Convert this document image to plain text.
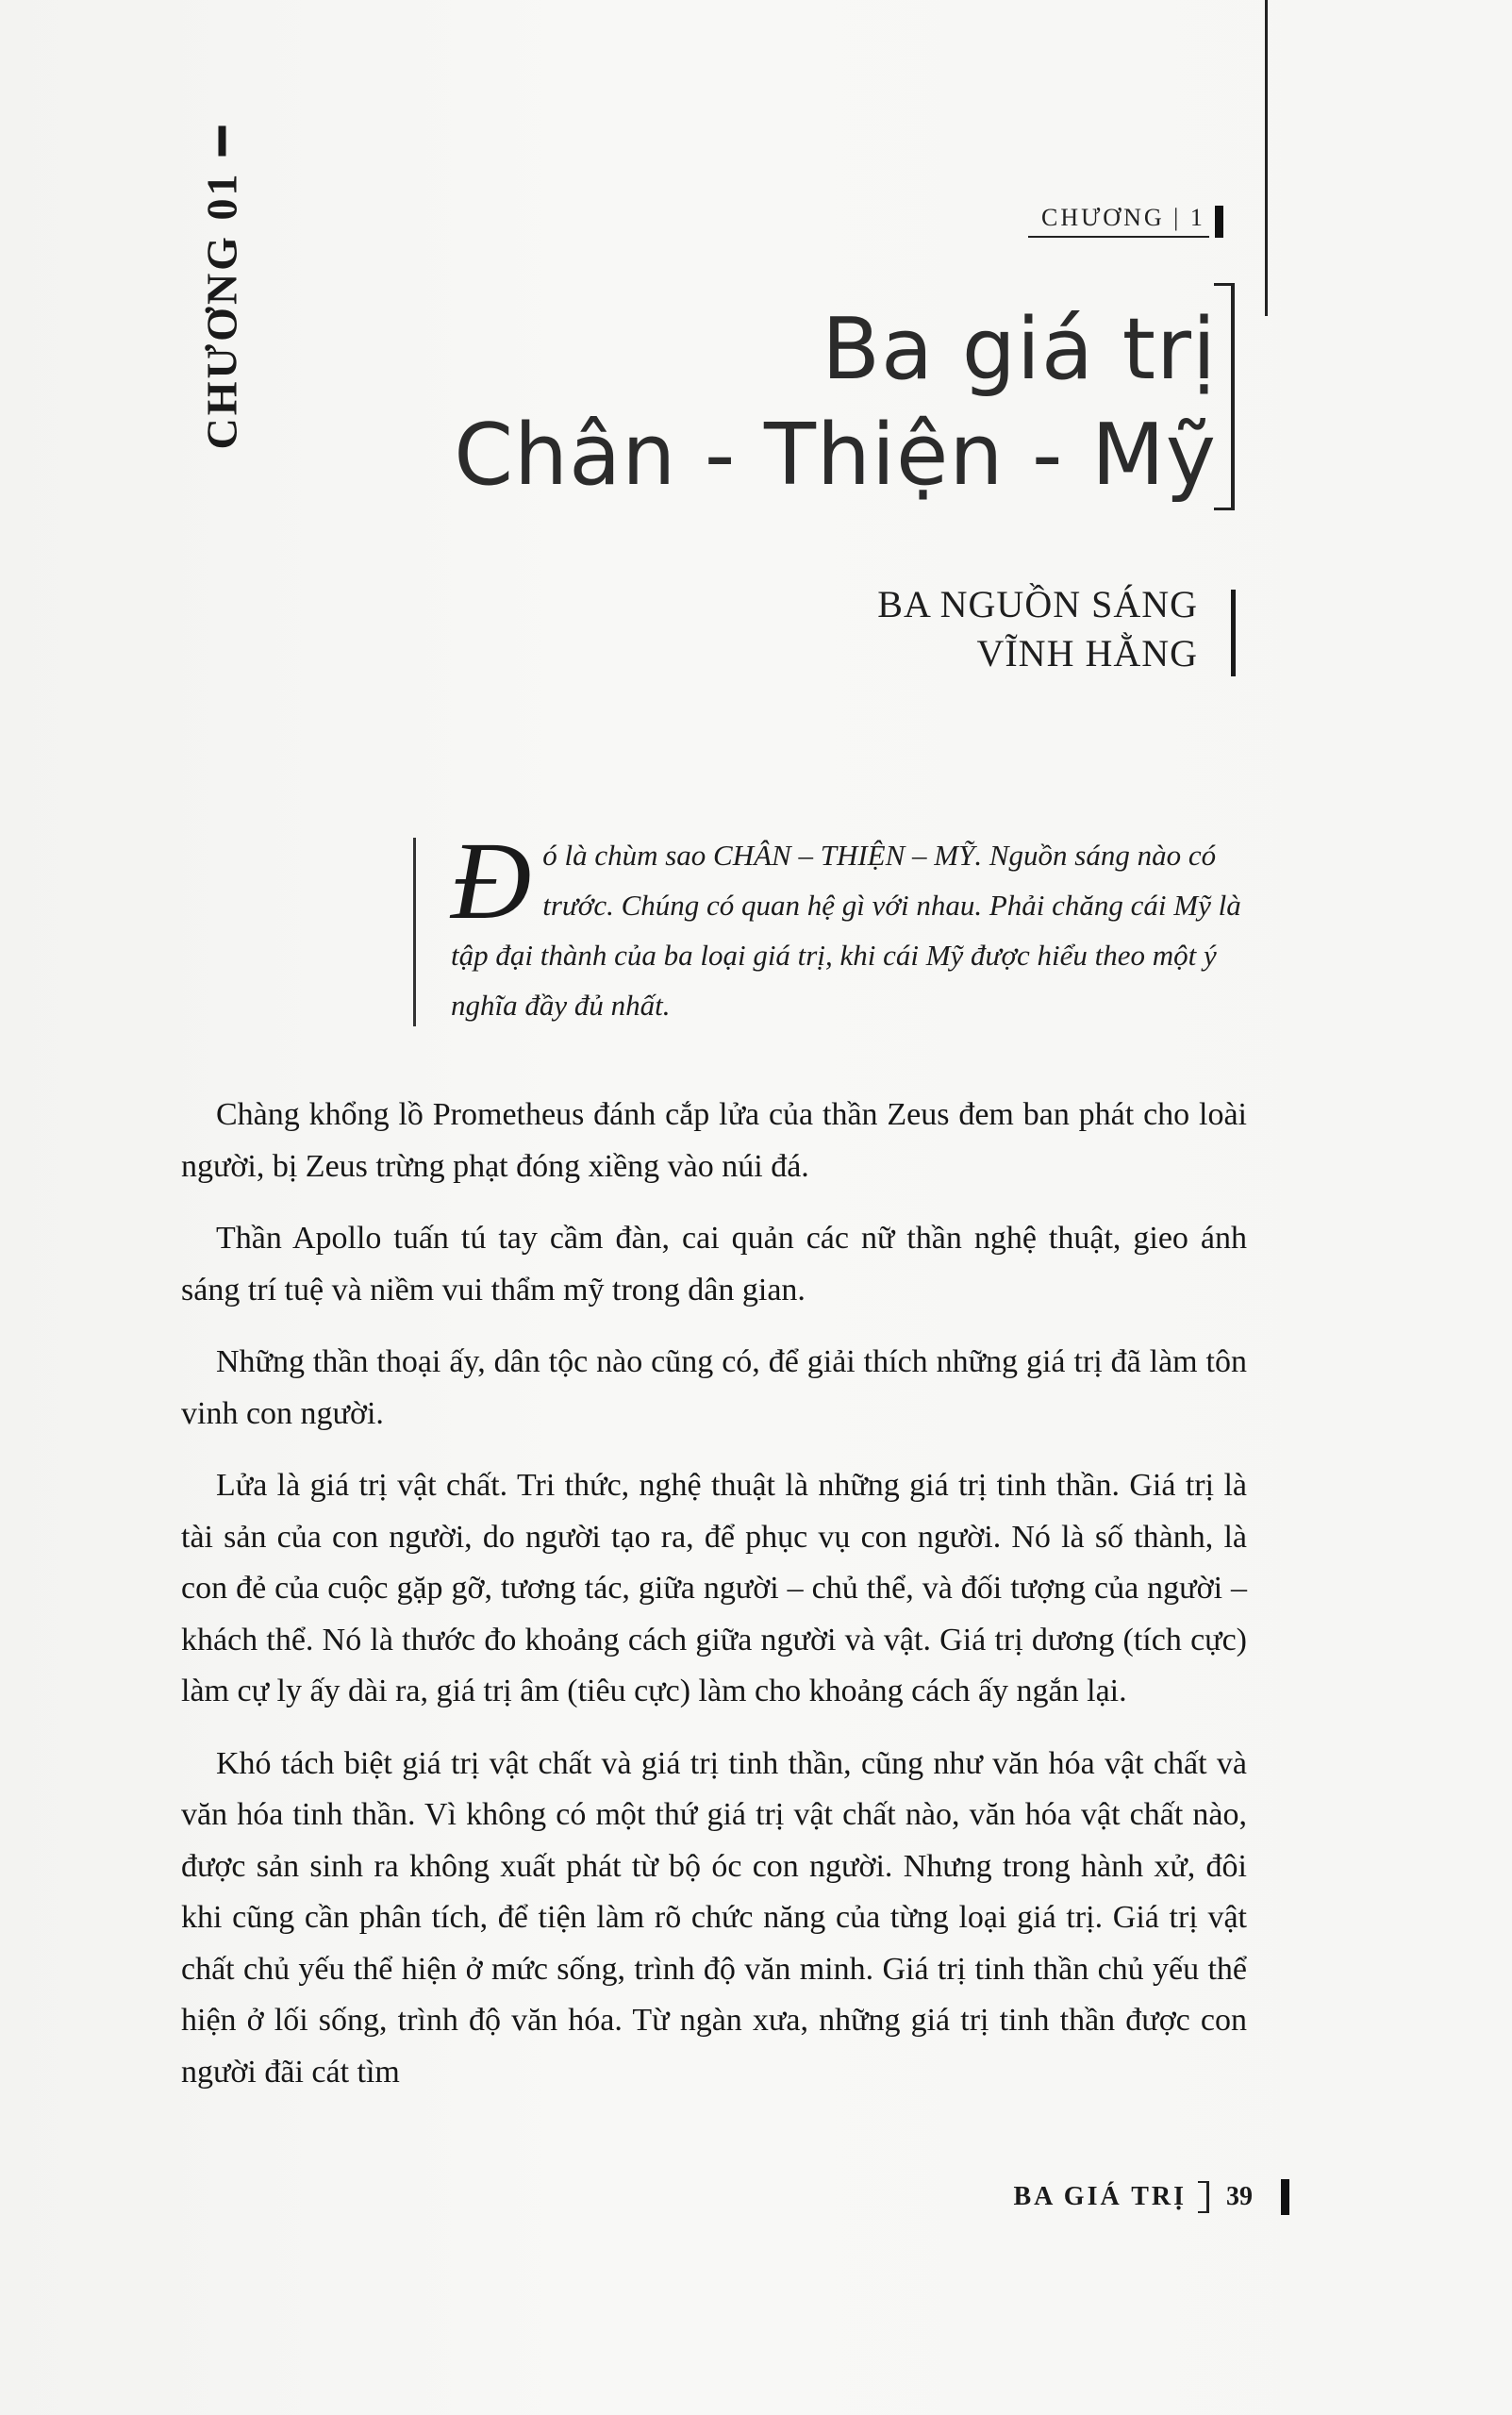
CHƯƠNG | 1
CHƯƠNG 01	Ba giá trị
Chân - Thiện - Mỹ
BA NGUỒN SÁNG
VĨNH HẰNG
Đ ó là chùm sao CHÂN – THIỆN – MỸ. Nguồn sáng nào có trước. Chúng có quan hệ gì với nhau. Phải chăng cái Mỹ là tập đại thành của ba loại giá trị, khi cái Mỹ được hiểu theo một ý nghĩa đầy đủ nhất.

Chàng khổng lồ Prometheus đánh cắp lửa của thần Zeus đem ban phát cho loài người, bị Zeus trừng phạt đóng xiềng vào núi đá.

Thần Apollo tuấn tú tay cầm đàn, cai quản các nữ thần nghệ thuật, gieo ánh sáng trí tuệ và niềm vui thẩm mỹ trong dân gian.

Những thần thoại ấy, dân tộc nào cũng có, để giải thích những giá trị đã làm tôn vinh con người.

Lửa là giá trị vật chất. Tri thức, nghệ thuật là những giá trị tinh thần. Giá trị là tài sản của con người, do người tạo ra, để phục vụ con người. Nó là số thành, là con đẻ của cuộc gặp gỡ, tương tác, giữa người – chủ thể, và đối tượng của người – khách thể. Nó là thước đo khoảng cách giữa người và vật. Giá trị dương (tích cực) làm cự ly ấy dài ra, giá trị âm (tiêu cực) làm cho khoảng cách ấy ngắn lại.

Khó tách biệt giá trị vật chất và giá trị tinh thần, cũng như văn hóa vật chất và văn hóa tinh thần. Vì không có một thứ giá trị vật chất nào, văn hóa vật chất nào, được sản sinh ra không xuất phát từ bộ óc con người. Nhưng trong hành xử, đôi khi cũng cần phân tích, để tiện làm rõ chức năng của từng loại giá trị. Giá trị vật chất chủ yếu thể hiện ở mức sống, trình độ văn minh. Giá trị tinh thần chủ yếu thể hiện ở lối sống, trình độ văn hóa. Từ ngàn xưa, những giá trị tinh thần được con người đãi cát tìm

BA GIÁ TRỊ 39
